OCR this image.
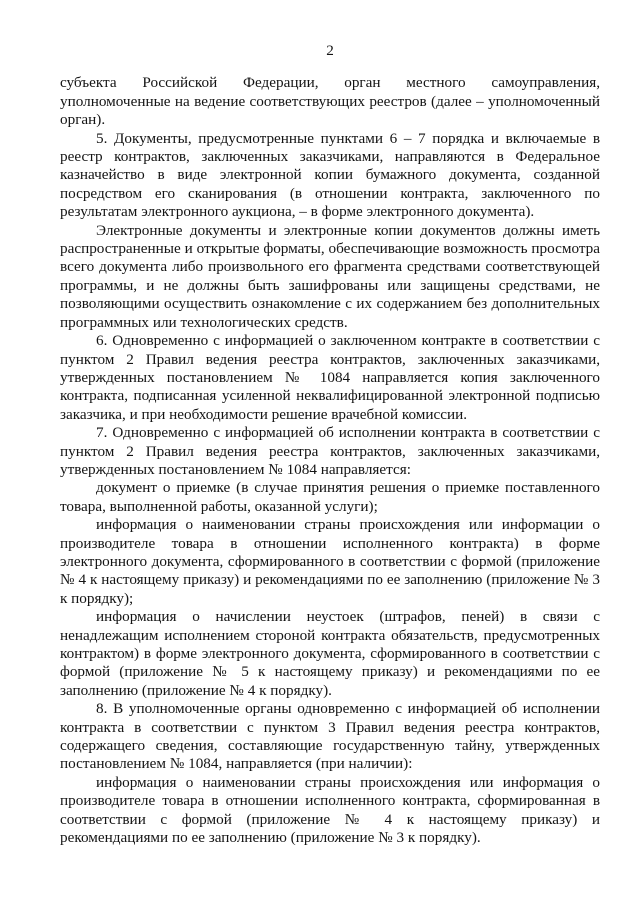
2

субъекта Российской Федерации, орган местного самоуправления, уполномоченные на ведение соответствующих реестров (далее – уполномоченный орган).

5. Документы, предусмотренные пунктами 6 – 7 порядка и включаемые в реестр контрактов, заключенных заказчиками, направляются в Федеральное казначейство в виде электронной копии бумажного документа, созданной посредством его сканирования (в отношении контракта, заключенного по результатам электронного аукциона, – в форме электронного документа).

Электронные документы и электронные копии документов должны иметь распространенные и открытые форматы, обеспечивающие возможность просмотра всего документа либо произвольного его фрагмента средствами соответствующей программы, и не должны быть зашифрованы или защищены средствами, не позволяющими осуществить ознакомление с их содержанием без дополнительных программных или технологических средств.

6. Одновременно с информацией о заключенном контракте в соответствии с пунктом 2 Правил ведения реестра контрактов, заключенных заказчиками, утвержденных постановлением № 1084 направляется копия заключенного контракта, подписанная усиленной неквалифицированной электронной подписью заказчика, и при необходимости решение врачебной комиссии.

7. Одновременно с информацией об исполнении контракта в соответствии с пунктом 2 Правил ведения реестра контрактов, заключенных заказчиками, утвержденных постановлением № 1084 направляется:

документ о приемке (в случае принятия решения о приемке поставленного товара, выполненной работы, оказанной услуги);

информация о наименовании страны происхождения или информации о производителе товара в отношении исполненного контракта) в форме электронного документа, сформированного в соответствии с формой (приложение № 4 к настоящему приказу) и рекомендациями по ее заполнению (приложение № 3 к порядку);

информация о начислении неустоек (штрафов, пеней) в связи с ненадлежащим исполнением стороной контракта обязательств, предусмотренных контрактом) в форме электронного документа, сформированного в соответствии с формой (приложение № 5 к настоящему приказу) и рекомендациями по ее заполнению (приложение № 4 к порядку).

8. В уполномоченные органы одновременно с информацией об исполнении контракта в соответствии с пунктом 3 Правил ведения реестра контрактов, содержащего сведения, составляющие государственную тайну, утвержденных постановлением № 1084, направляется (при наличии):

информация о наименовании страны происхождения или информация о производителе товара в отношении исполненного контракта, сформированная в соответствии с формой (приложение № 4 к настоящему приказу) и рекомендациями по ее заполнению (приложение № 3 к порядку).
